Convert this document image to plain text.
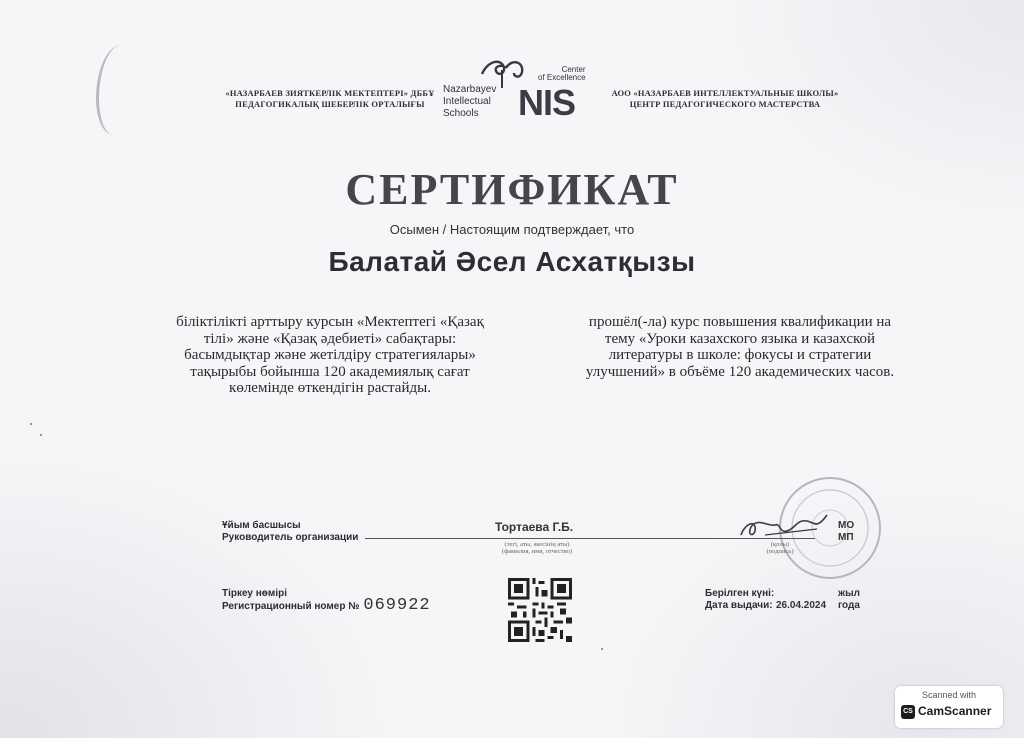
«НАЗАРБАЕВ ЗИЯТКЕРЛІК МЕКТЕПТЕРІ» ДББҰ
ПЕДАГОГИКАЛЫҚ ШЕБЕРЛІК ОРТАЛЫҒЫ
Nazarbayev
Intellectual
Schools
Center
of Excellence
NIS	АОО «НАЗАРБАЕВ ИНТЕЛЛЕКТУАЛЬНЫЕ ШКОЛЫ»
ЦЕНТР ПЕДАГОГИЧЕСКОГО МАСТЕРСТВА
СЕРТИФИКАТ
Осымен / Настоящим подтверждает, что
Балатай Әсел Асхатқызы
біліктілікті арттыру курсын «Мектептегі «Қазақ
тілі» және «Қазақ әдебиеті» сабақтары:
басымдықтар және жетілдіру стратегиялары»
тақырыбы бойынша 120 академиялық сағат
көлемінде өткендігін растайды.
прошёл(-ла) курс повышения квалификации на
тему «Уроки казахского языка и казахской
литературы в школе: фокусы и стратегии
улучшений» в объёме 120 академических часов.
Ұйым басшысы
Руководитель организации
Тортаева Г.Б.
(тегі, аты, әкесінің аты)
(фамилия, имя, отчество)
(қолы)
(подпись)
МО
МП
Тіркеу нөмірі
Регистрационный номер № 069922
Берілген күні:
Дата выдачи: 26.04.2024
жыл
года
Scanned with
CS CamScanner
